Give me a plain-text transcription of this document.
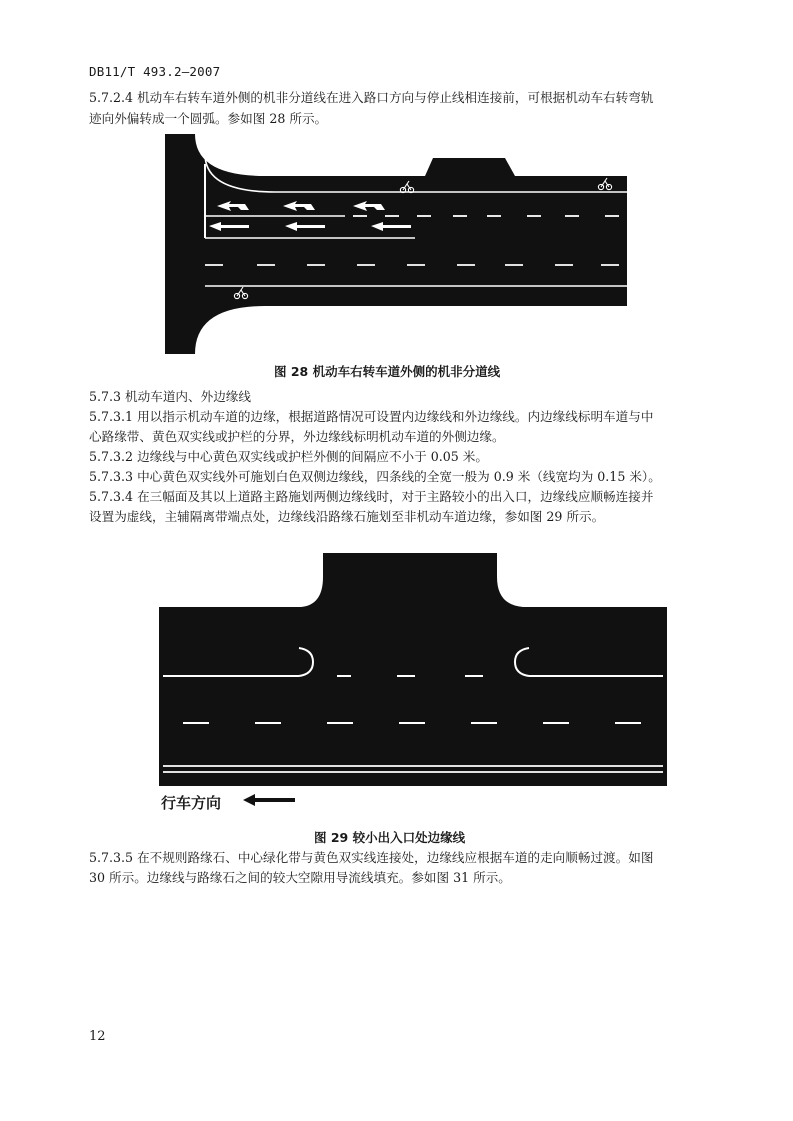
DB11/T 493.2—2007
5.7.2.4 机动车右转车道外侧的机非分道线在进入路口方向与停止线相连接前，可根据机动车右转弯轨
迹向外偏转成一个圆弧。参如图 28 所示。
图 28 机动车右转车道外侧的机非分道线
5.7.3 机动车道内、外边缘线
5.7.3.1 用以指示机动车道的边缘，根据道路情况可设置内边缘线和外边缘线。内边缘线标明车道与中
心路缘带、黄色双实线或护栏的分界，外边缘线标明机动车道的外侧边缘。
5.7.3.2 边缘线与中心黄色双实线或护栏外侧的间隔应不小于 0.05 米。
5.7.3.3 中心黄色双实线外可施划白色双侧边缘线，四条线的全宽一般为 0.9 米（线宽均为 0.15 米）。
5.7.3.4 在三幅面及其以上道路主路施划两侧边缘线时，对于主路较小的出入口，边缘线应顺畅连接并
设置为虚线，主辅隔离带端点处，边缘线沿路缘石施划至非机动车道边缘，参如图 29 所示。
行车方向
图 29 较小出入口处边缘线
5.7.3.5 在不规则路缘石、中心绿化带与黄色双实线连接处，边缘线应根据车道的走向顺畅过渡。如图
30 所示。边缘线与路缘石之间的较大空隙用导流线填充。参如图 31 所示。
12
